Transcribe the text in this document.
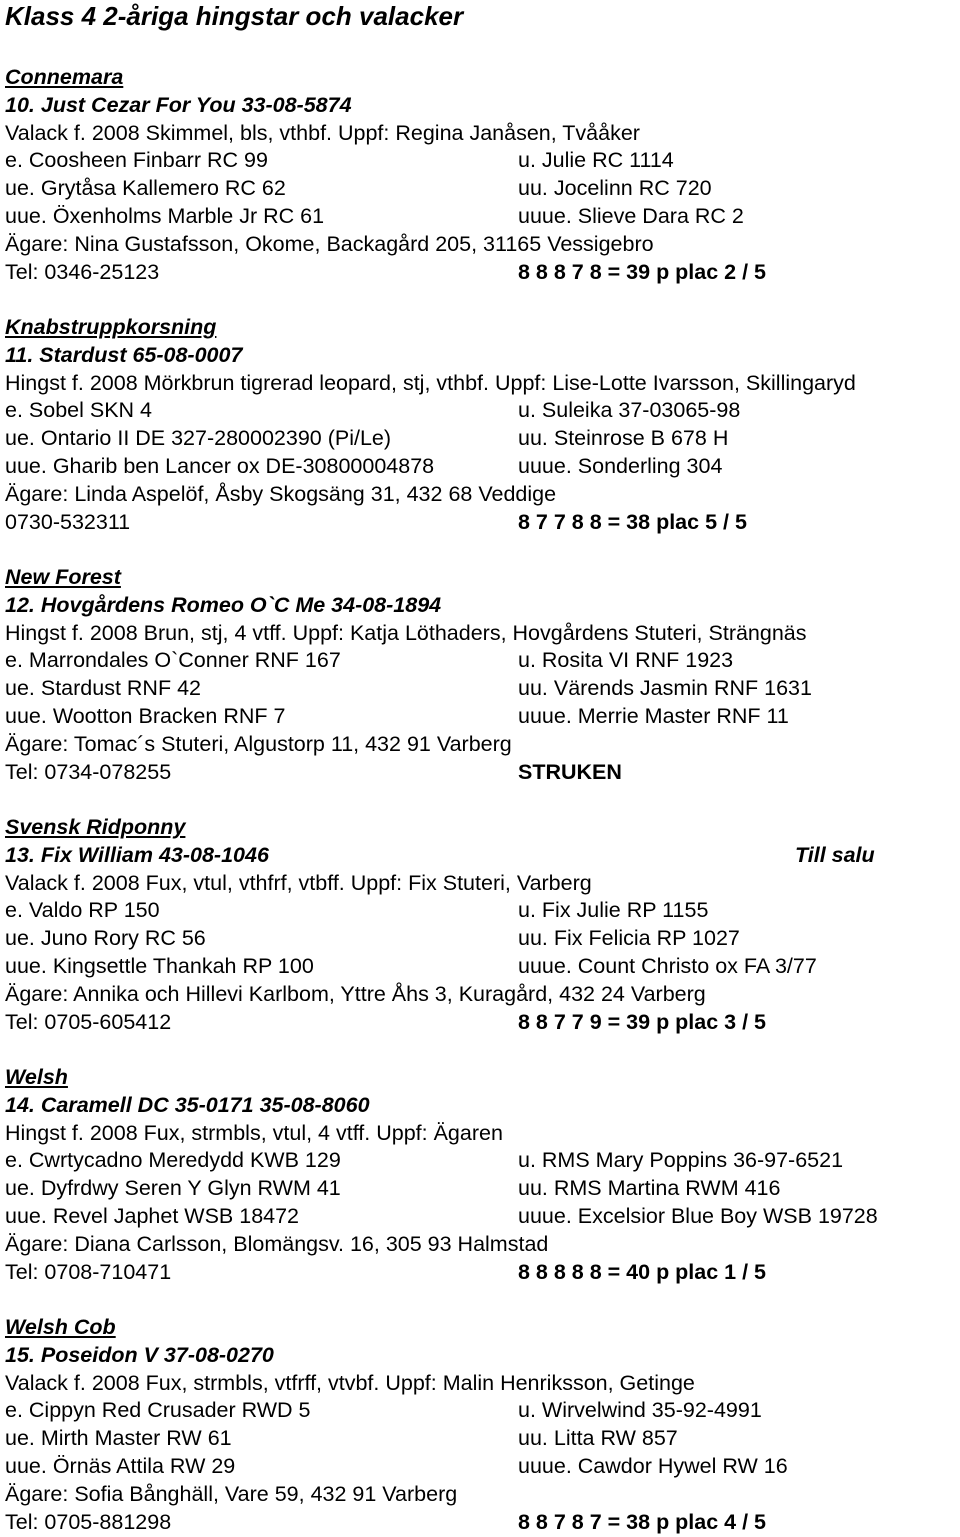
Klass 4 2-åriga hingstar och valacker
Connemara
10. Just Cezar For You 33-08-5874
Valack f. 2008 Skimmel, bls, vthbf. Uppf: Regina Janåsen, Tvååker
e. Coosheen Finbarr RC 99	u. Julie RC 1114
ue. Grytåsa Kallemero RC 62	uu. Jocelinn RC 720
uue. Öxenholms Marble Jr RC 61	uuue. Slieve Dara RC 2
Ägare: Nina Gustafsson, Okome, Backagård 205, 31165 Vessigebro
Tel: 0346-25123	8 8 8 7 8 = 39 p plac 2 / 5
Knabstruppkorsning
11. Stardust 65-08-0007
Hingst f. 2008 Mörkbrun tigrerad leopard, stj, vthbf. Uppf: Lise-Lotte Ivarsson, Skillingaryd
e. Sobel SKN 4	u. Suleika 37-03065-98
ue. Ontario II DE 327-280002390 (Pi/Le)	uu. Steinrose B 678 H
uue. Gharib ben Lancer ox DE-30800004878	uuue. Sonderling 304
Ägare: Linda Aspelöf, Åsby Skogsäng 31, 432 68 Veddige
0730-532311	8 7 7 8 8 = 38 plac 5 / 5
New Forest
12. Hovgårdens Romeo O`C Me 34-08-1894
Hingst f. 2008 Brun, stj, 4 vtff. Uppf: Katja Löthaders, Hovgårdens Stuteri, Strängnäs
e. Marrondales O`Conner RNF 167	u. Rosita VI RNF 1923
ue. Stardust RNF 42	uu. Värends Jasmin RNF 1631
uue. Wootton Bracken RNF 7	uuue. Merrie Master RNF 11
Ägare: Tomac´s Stuteri, Algustorp 11, 432 91 Varberg
Tel: 0734-078255	STRUKEN
Svensk Ridponny
13. Fix William 43-08-1046	Till salu
Valack f. 2008 Fux, vtul, vthfrf, vtbff. Uppf: Fix Stuteri, Varberg
e. Valdo RP 150	u. Fix Julie RP 1155
ue. Juno Rory RC 56	uu. Fix Felicia RP 1027
uue. Kingsettle Thankah RP 100	uuue. Count Christo ox FA 3/77
Ägare: Annika och Hillevi Karlbom, Yttre Åhs 3, Kuragård, 432 24 Varberg
Tel: 0705-605412	8 8 7 7 9 = 39 p plac 3 / 5
Welsh
14. Caramell DC 35-0171 35-08-8060
Hingst f. 2008 Fux, strmbls, vtul, 4 vtff. Uppf: Ägaren
e. Cwrtycadno Meredydd KWB 129	u. RMS Mary Poppins 36-97-6521
ue. Dyfrdwy Seren Y Glyn RWM 41	uu. RMS Martina RWM 416
uue. Revel Japhet WSB 18472	uuue. Excelsior Blue Boy WSB 19728
Ägare: Diana Carlsson, Blomängsv. 16, 305 93 Halmstad
Tel: 0708-710471	8 8 8 8 8 = 40 p plac 1 / 5
Welsh Cob
15. Poseidon V 37-08-0270
Valack f. 2008 Fux, strmbls, vtfrff, vtvbf. Uppf: Malin Henriksson, Getinge
e. Cippyn Red Crusader RWD 5	u. Wirvelwind 35-92-4991
ue. Mirth Master RW 61	uu. Litta RW 857
uue. Örnäs Attila RW 29	uuue. Cawdor Hywel RW 16
Ägare: Sofia Bånghäll, Vare 59, 432 91 Varberg
Tel: 0705-881298	8 8 7 8 7 = 38 p plac 4 / 5
